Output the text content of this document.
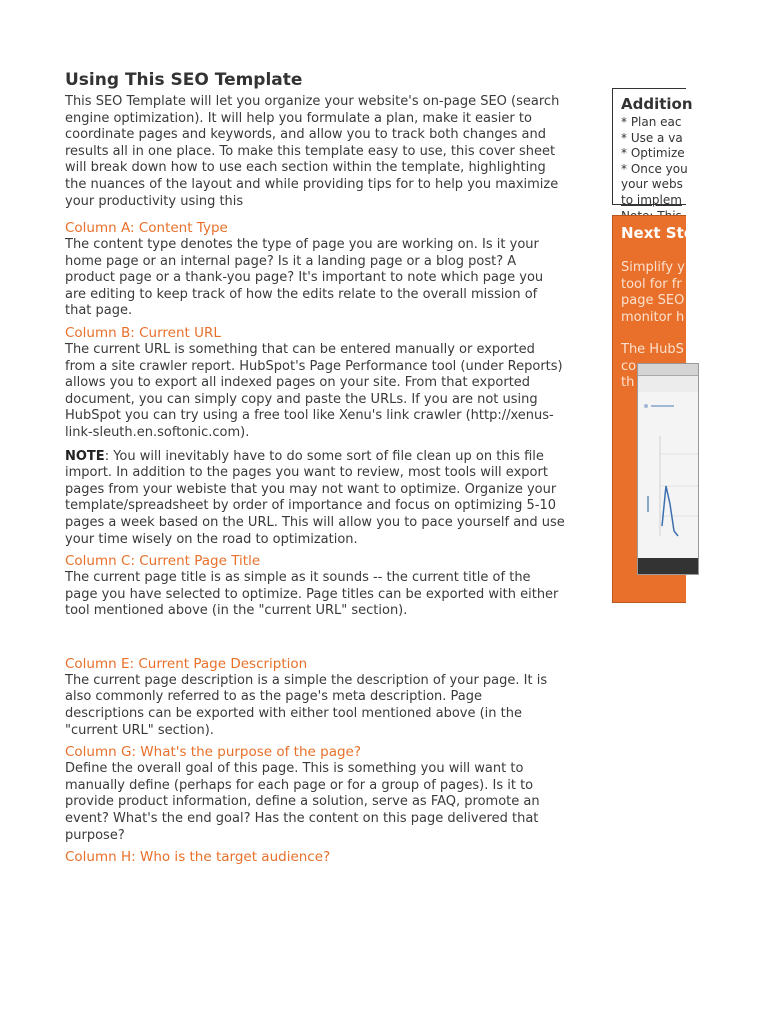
Using This SEO Template

This SEO Template will let you organize your website's on-page SEO (search engine optimization). It will help you formulate a plan, make it easier to coordinate pages and keywords, and allow you to track both changes and results all in one place. To make this template easy to use, this cover sheet will break down how to use each section within the template, highlighting the nuances of the layout and while providing tips for to help you maximize your productivity using this

Column A: Content Type

The content type denotes the type of page you are working on. Is it your home page or an internal page? Is it a landing page or a blog post? A product page or a thank-you page? It's important to note which page you are editing to keep track of how the edits relate to the overall mission of that page.

Column B: Current URL

The current URL is something that can be entered manually or exported from a site crawler report. HubSpot's Page Performance tool (under Reports) allows you to export all indexed pages on your site. From that exported document, you can simply copy and paste the URLs. If you are not using HubSpot you can try using a free tool like Xenu's link crawler (http://xenus-link-sleuth.en.softonic.com).

NOTE: You will inevitably have to do some sort of file clean up on this file import. In addition to the pages you want to review, most tools will export pages from your webiste that you may not want to optimize. Organize your template/spreadsheet by order of importance and focus on optimizing 5-10 pages a week based on the URL. This will allow you to pace yourself and use your time wisely on the road to optimization.

Column C: Current Page Title

The current page title is as simple as it sounds -- the current title of the page you have selected to optimize. Page titles can be exported with either tool mentioned above (in the "current URL" section).

Column E: Current Page Description

The current page description is a simple the description of your page. It is also commonly referred to as the page's meta description. Page descriptions can be exported with either tool mentioned above (in the "current URL" section).

Column G: What's the purpose of the page?

Define the overall goal of this page. This is something you will want to manually define (perhaps for each page or for a group of pages). Is it to provide product information, define a solution, serve as FAQ, promote an event? What's the end goal? Has the content on this page delivered that purpose?

Column H: Who is the target audience?
Addition
* Plan eac
* Use a va
* Optimize
* Once you
your webs
to implem
Next Ste
Simplify y
tool for fr
page SEO
monitor h
The HubS
co
th
